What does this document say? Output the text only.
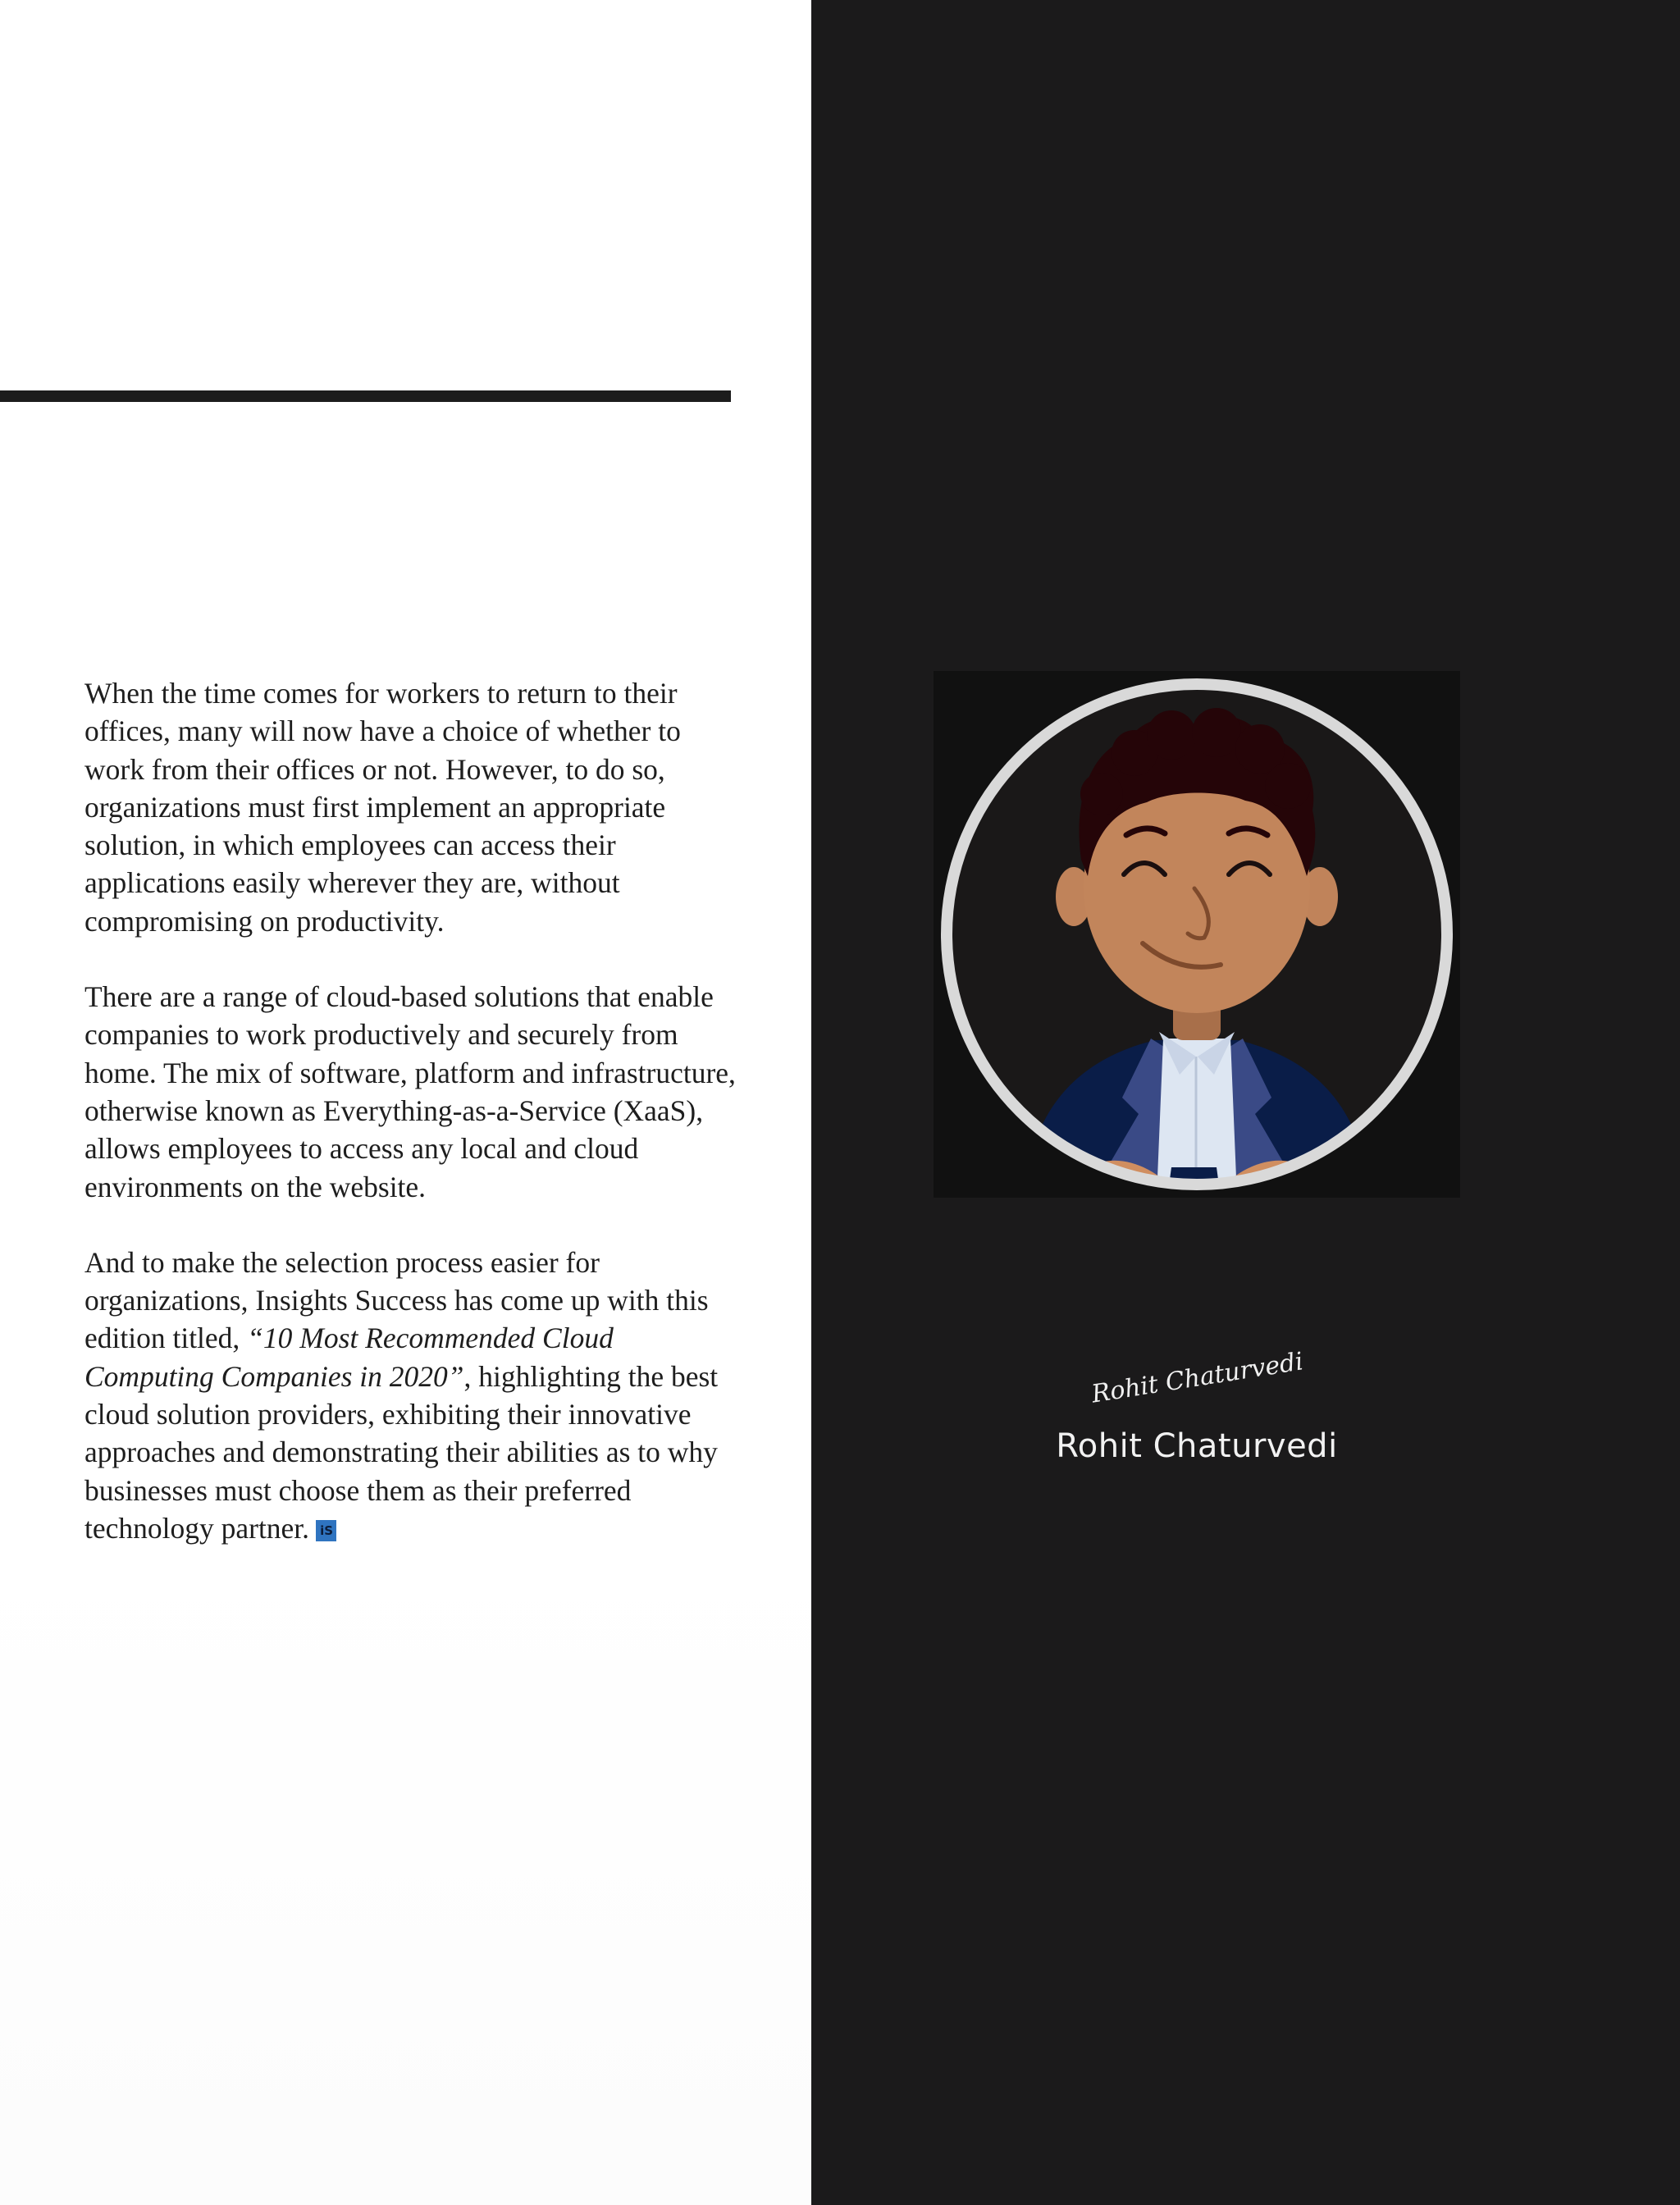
When the time comes for workers to return to their offices, many will now have a choice of whether to work from their offices or not. However, to do so, organizations must first implement an appropriate solution, in which employees can access their applications easily wherever they are, without compromising on productivity.

There are a range of cloud-based solutions that enable companies to work productively and securely from home. The mix of software, platform and infrastructure, otherwise known as Everything-as-a-Service (XaaS), allows employees to access any local and cloud environments on the website.

And to make the selection process easier for organizations, Insights Success has come up with this edition titled, “10 Most Recommended Cloud Computing Companies in 2020”, highlighting the best cloud solution providers, exhibiting their innovative approaches and demonstrating their abilities as to why businesses must choose them as their preferred technology partner. iS

Rohit Chaturvedi
Rohit Chaturvedi
